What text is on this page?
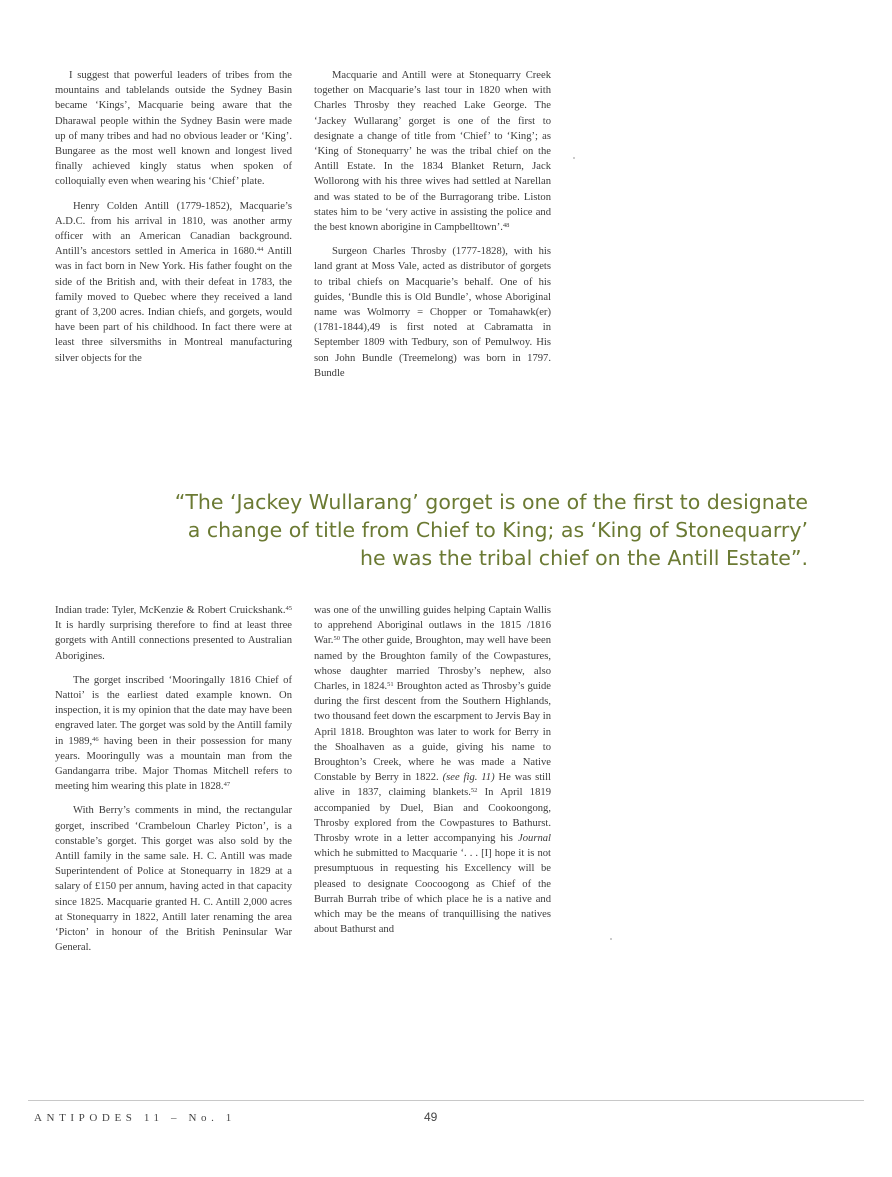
I suggest that powerful leaders of tribes from the mountains and tablelands outside the Sydney Basin became ‘Kings’, Macquarie being aware that the Dharawal people within the Sydney Basin were made up of many tribes and had no obvious leader or ‘King’. Bungaree as the most well known and longest lived finally achieved kingly status when spoken of colloquially even when wearing his ‘Chief’ plate.

Henry Colden Antill (1779-1852), Macquarie’s A.D.C. from his arrival in 1810, was another army officer with an American Canadian background. Antill’s ancestors settled in America in 1680.44 Antill was in fact born in New York. His father fought on the side of the British and, with their defeat in 1783, the family moved to Quebec where they received a land grant of 3,200 acres. Indian chiefs, and gorgets, would have been part of his childhood. In fact there were at least three silversmiths in Montreal manufacturing silver objects for the

Macquarie and Antill were at Stonequarry Creek together on Macquarie’s last tour in 1820 when with Charles Throsby they reached Lake George. The ‘Jackey Wullarang’ gorget is one of the first to designate a change of title from ‘Chief’ to ‘King’; as ‘King of Stonequarry’ he was the tribal chief on the Antill Estate. In the 1834 Blanket Return, Jack Wollorong with his three wives had settled at Narellan and was stated to be of the Burragorang tribe. Liston states him to be ‘very active in assisting the police and the best known aborigine in Campbelltown’.$^{48}$

Surgeon Charles Throsby (1777-1828), with his land grant at Moss Vale, acted as distributor of gorgets to tribal chiefs on Macquarie’s behalf. One of his guides, ‘Bundle this is Old Bundle’, whose Aboriginal name was Wolmorry = Chopper or Tomahawk(er) (1781-1844),49 is first noted at Cabramatta in September 1809 with Tedbury, son of Pemulwoy. His son John Bundle (Treemelong) was born in 1797. Bundle

“The ‘Jackey Wullarang’ gorget is one of the first to designate
a change of title from Chief to King; as ‘King of Stonequarry’
he was the tribal chief on the Antill Estate”.

Indian trade: Tyler, McKenzie & Robert Cruickshank.$^{45}$ It is hardly surprising therefore to find at least three gorgets with Antill connections presented to Australian Aborigines.

The gorget inscribed ‘Mooringally 1816 Chief of Nattoi’ is the earliest dated example known. On inspection, it is my opinion that the date may have been engraved later. The gorget was sold by the Antill family in 1989,46 having been in their possession for many years. Mooringully was a mountain man from the Gandangarra tribe. Major Thomas Mitchell refers to meeting him wearing this plate in 1828.47

With Berry’s comments in mind, the rectangular gorget, inscribed ‘Crambeloun Charley Picton’, is a constable’s gorget. This gorget was also sold by the Antill family in the same sale. H. C. Antill was made Superintendent of Police at Stonequarry in 1829 at a salary of £150 per annum, having acted in that capacity since 1825. Macquarie granted H. C. Antill 2,000 acres at Stonequarry in 1822, Antill later renaming the area ‘Picton’ in honour of the British Peninsular War General.

was one of the unwilling guides helping Captain Wallis to apprehend Aboriginal outlaws in the 1815 /1816 War.$^{50}$ The other guide, Broughton, may well have been named by the Broughton family of the Cowpastures, whose daughter married Throsby’s nephew, also Charles, in 1824.51 Broughton acted as Throsby’s guide during the first descent from the Southern Highlands, two thousand feet down the escarpment to Jervis Bay in April 1818. Broughton was later to work for Berry in the Shoalhaven as a guide, giving his name to Broughton’s Creek, where he was made a Native Constable by Berry in 1822. (see fig. 11) He was still alive in 1837, claiming blankets.$^{52}$ In April 1819 accompanied by Duel, Bian and Cookoongong, Throsby explored from the Cowpastures to Bathurst. Throsby wrote in a letter accompanying his Journal which he submitted to Macquarie ‘. . . [I] hope it is not presumptuous in requesting his Excellency will be pleased to designate Coocoogong as Chief of the Burrah Burrah tribe of which place he is a native and which may be the means of tranquillising the natives about Bathurst and

ANTIPODES 11 – No. 1	49
